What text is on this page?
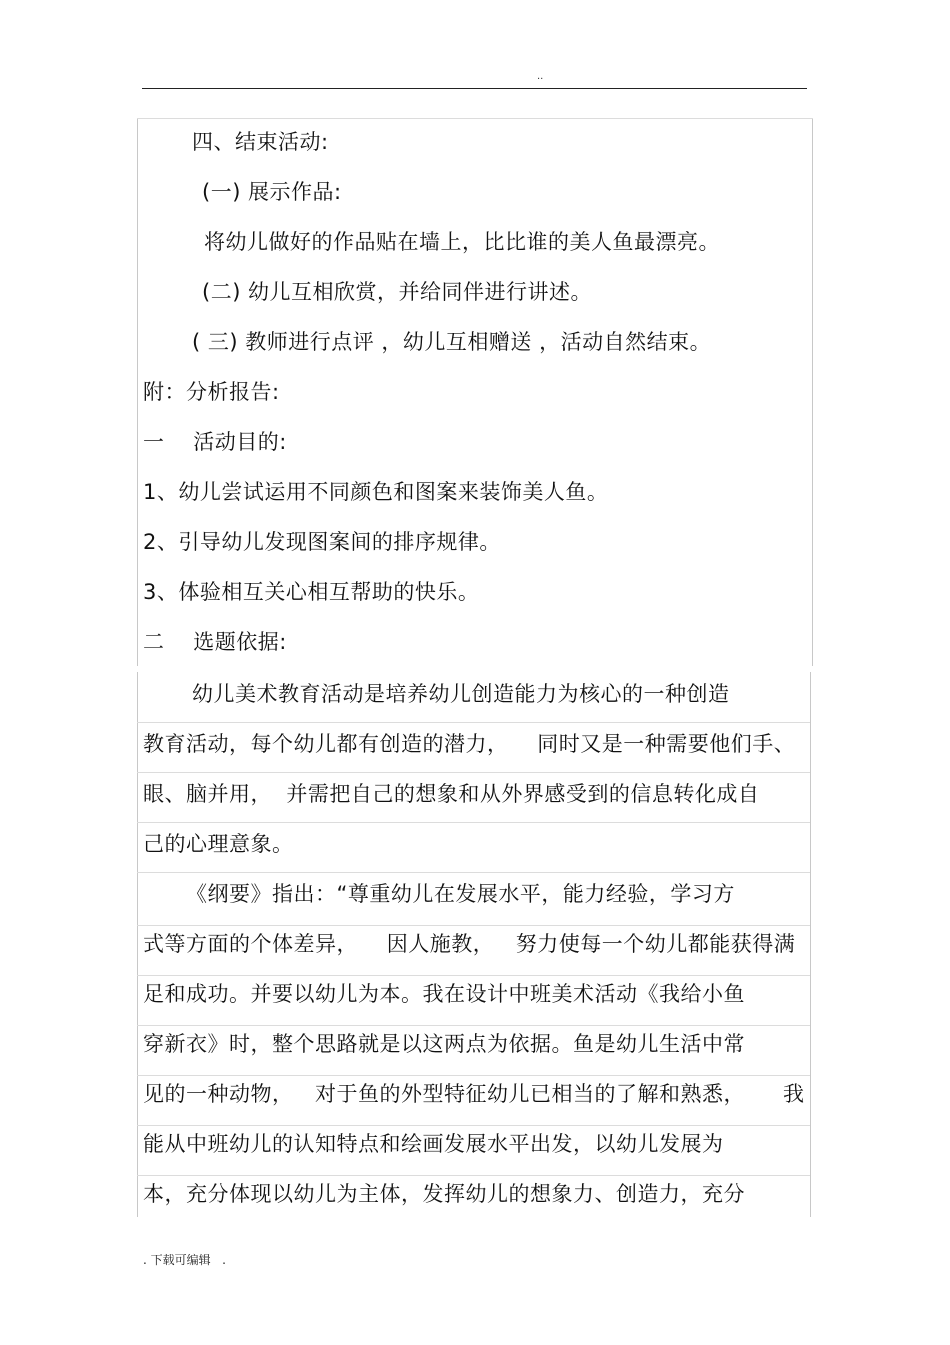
..
四、结束活动:
(一) 展示作品:
将幼儿做好的作品贴在墙上，比比谁的美人鱼最漂亮。
(二) 幼儿互相欣赏，并给同伴进行讲述。
( 三) 教师进行点评 ，幼儿互相赠送 ，活动自然结束。
附：分析报告:
一    活动目的:
1、幼儿尝试运用不同颜色和图案来装饰美人鱼。
2、引导幼儿发现图案间的排序规律。
3、体验相互关心相互帮助的快乐。
二    选题依据:
幼儿美术教育活动是培养幼儿创造能力为核心的一种创造
教育活动，每个幼儿都有创造的潜力，    同时又是一种需要他们手、
眼、脑并用，  并需把自己的想象和从外界感受到的信息转化成自
己的心理意象。
《纲要》指出：“尊重幼儿在发展水平，能力经验，学习方
式等方面的个体差异，    因人施教，   努力使每一个幼儿都能获得满
足和成功。并要以幼儿为本。我在设计中班美术活动《我给小鱼
穿新衣》时，整个思路就是以这两点为依据。鱼是幼儿生活中常
见的一种动物，   对于鱼的外型特征幼儿已相当的了解和熟悉， 我
能从中班幼儿的认知特点和绘画发展水平出发，以幼儿发展为
本，充分体现以幼儿为主体，发挥幼儿的想象力、创造力，充分
. 下载可编辑   .
